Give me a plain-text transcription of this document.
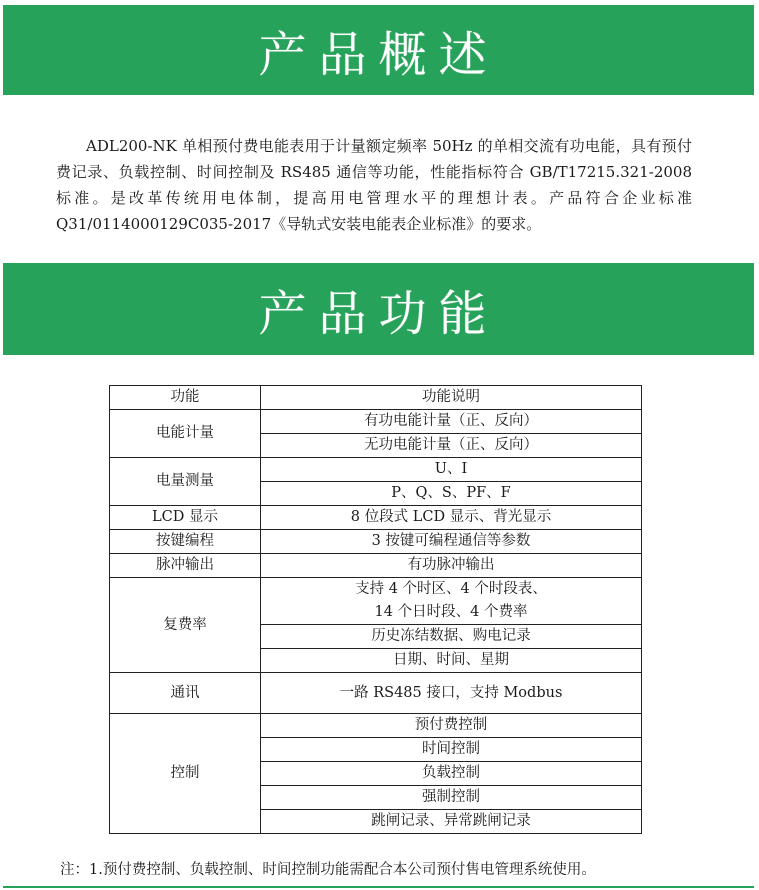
产品概述

ADL200-NK 单相预付费电能表用于计量额定频率 50Hz 的单相交流有功电能，具有预付费记录、负载控制、时间控制及 RS485 通信等功能，性能指标符合 GB/T17215.321-2008 标准。是改革传统用电体制，提高用电管理水平的理想计表。产品符合企业标准 Q31/0114000129C035-2017《导轨式安装电能表企业标准》的要求。

产品功能
功能	功能说明
电能计量	有功电能计量（正、反向）
	无功电能计量（正、反向）
电量测量	U、I
	P、Q、S、PF、F
LCD 显示	8 位段式 LCD 显示、背光显示
按键编程	3 按键可编程通信等参数
脉冲输出	有功脉冲输出
复费率	支持 4 个时区、4 个时段表、
14 个日时段、4 个费率

	历史冻结数据、购电记录
	日期、时间、星期
通讯	一路 RS485 接口，支持 Modbus
控制	预付费控制
	时间控制
	负载控制
	强制控制
	跳闸记录、异常跳闸记录

注：1.预付费控制、负载控制、时间控制功能需配合本公司预付售电管理系统使用。
